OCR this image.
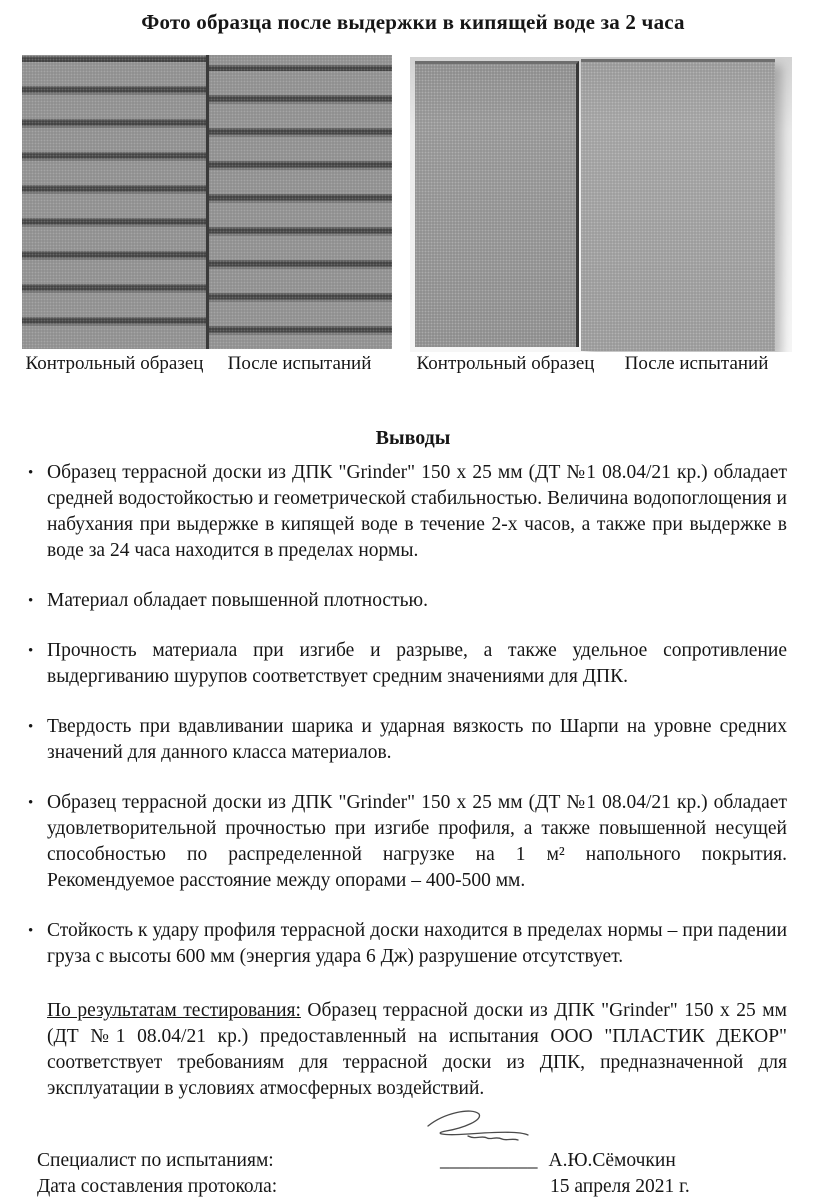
Фото образца после выдержки в кипящей воде за 2 часа
Контрольный образец	После испытаний	Контрольный образец	После испытаний
Выводы
• Образец террасной доски из ДПК "Grinder" 150 х 25 мм (ДТ №1 08.04/21 кр.) обладает средней водостойкостью и геометрической стабильностью. Величина водопоглощения и набухания при выдержке в кипящей воде в течение 2-х часов, а также при выдержке в воде за 24 часа находится в пределах нормы.
• Материал обладает повышенной плотностью.
• Прочность материала при изгибе и разрыве, а также удельное сопротивление выдергиванию шурупов соответствует средним значениями для ДПК.
• Твердость при вдавливании шарика и ударная вязкость по Шарпи на уровне средних значений для данного класса материалов.
• Образец террасной доски из ДПК "Grinder" 150 х 25 мм (ДТ №1 08.04/21 кр.) обладает удовлетворительной прочностью при изгибе профиля, а также повышенной несущей способностью по распределенной нагрузке на 1 м² напольного покрытия. Рекомендуемое расстояние между опорами – 400-500 мм.
• Стойкость к удару профиля террасной доски находится в пределах нормы – при падении груза с высоты 600 мм (энергия удара 6 Дж) разрушение отсутствует.
По результатам тестирования: Образец террасной доски из ДПК "Grinder" 150 х 25 мм (ДТ №1 08.04/21 кр.) предоставленный на испытания ООО "ПЛАСТИК ДЕКОР" соответствует требованиям для террасной доски из ДПК, предназначенной для эксплуатации в условиях атмосферных воздействий.
Специалист по испытаниям:	__________ А.Ю.Сёмочкин
Дата составления протокола:	15 апреля 2021 г.
